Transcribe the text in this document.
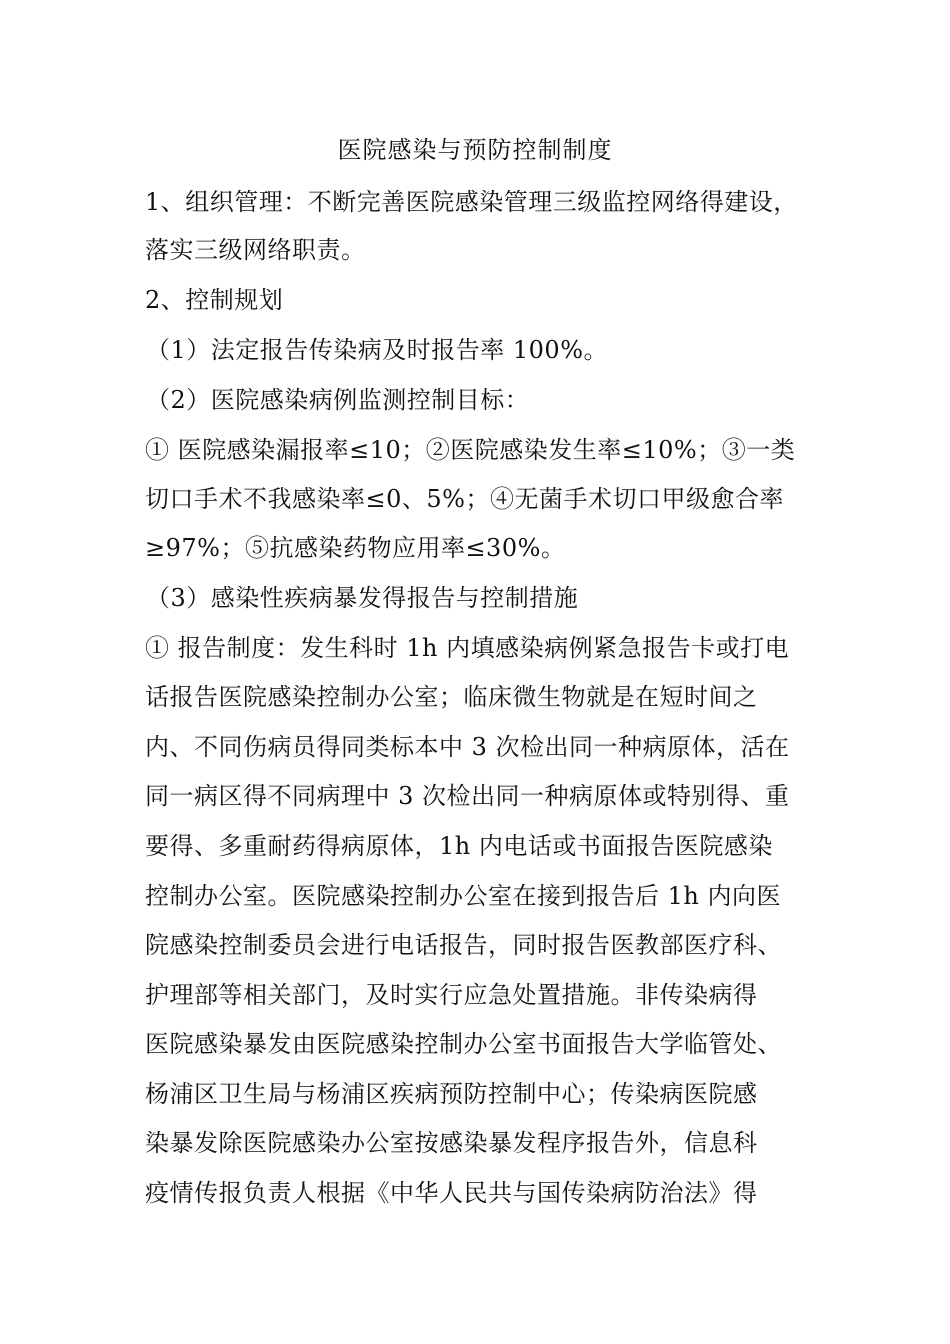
医院感染与预防控制制度

1、组织管理：不断完善医院感染管理三级监控网络得建设，

落实三级网络职责。

2、控制规划

（1）法定报告传染病及时报告率 100%。

（2）医院感染病例监测控制目标：

① 医院感染漏报率≤10；②医院感染发生率≤10%；③一类

切口手术不我感染率≤0、5%；④无菌手术切口甲级愈合率

≥97%；⑤抗感染药物应用率≤30%。

（3）感染性疾病暴发得报告与控制措施

① 报告制度：发生科时 1h 内填感染病例紧急报告卡或打电

话报告医院感染控制办公室；临床微生物就是在短时间之

内、不同伤病员得同类标本中 3 次检出同一种病原体，活在

同一病区得不同病理中 3 次检出同一种病原体或特别得、重

要得、多重耐药得病原体，1h 内电话或书面报告医院感染

控制办公室。医院感染控制办公室在接到报告后 1h 内向医

院感染控制委员会进行电话报告，同时报告医教部医疗科、

护理部等相关部门，及时实行应急处置措施。非传染病得

医院感染暴发由医院感染控制办公室书面报告大学临管处、

杨浦区卫生局与杨浦区疾病预防控制中心；传染病医院感

染暴发除医院感染办公室按感染暴发程序报告外，信息科

疫情传报负责人根据《中华人民共与国传染病防治法》得
